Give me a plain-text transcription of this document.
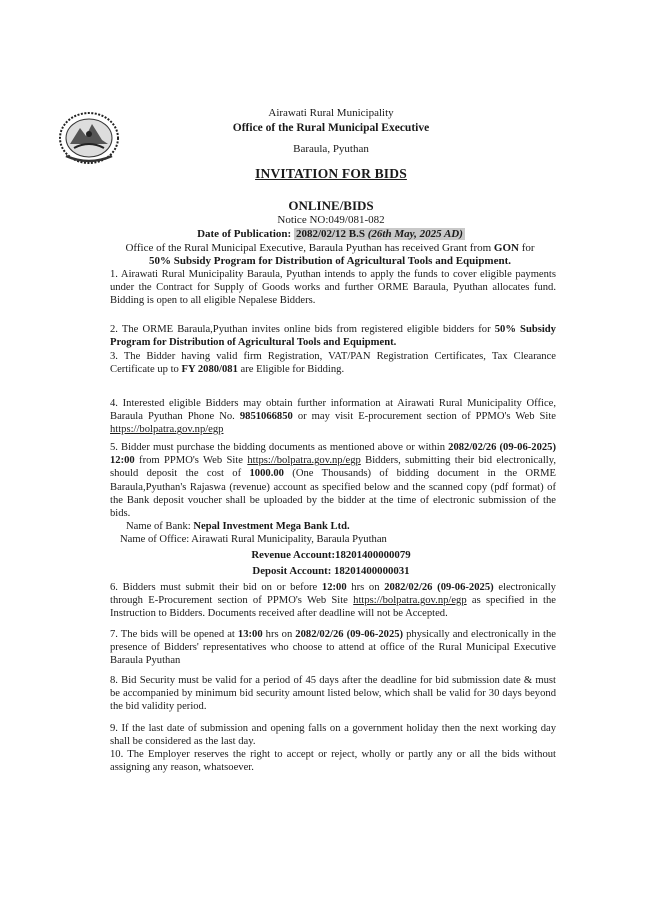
Airawati Rural Municipality
Office of the Rural Municipal Executive
Baraula, Pyuthan
INVITATION FOR BIDS
ONLINE/BIDS
Notice NO:049/081-082
Date of Publication: 2082/02/12 B.S (26th May, 2025 AD)
Office of the Rural Municipal Executive, Baraula Pyuthan has received Grant from GON for
50% Subsidy Program for Distribution of Agricultural Tools and Equipment.
1. Airawati Rural Municipality Baraula, Pyuthan intends to apply the funds to cover eligible payments under the Contract for Supply of Goods works and further ORME Baraula, Pyuthan allocates fund. Bidding is open to all eligible Nepalese Bidders.
2. The ORME Baraula,Pyuthan invites online bids from registered eligible bidders for 50% Subsidy Program for Distribution of Agricultural Tools and Equipment.
3. The Bidder having valid firm Registration, VAT/PAN Registration Certificates, Tax Clearance Certificate up to FY 2080/081 are Eligible for Bidding.
4. Interested eligible Bidders may obtain further information at Airawati Rural Municipality Office, Baraula Pyuthan Phone No. 9851066850 or may visit E-procurement section of PPMO's Web Site https://bolpatra.gov.np/egp
5. Bidder must purchase the bidding documents as mentioned above or within 2082/02/26 (09-06-2025) 12:00 from PPMO's Web Site https://bolpatra.gov.np/egp Bidders, submitting their bid electronically, should deposit the cost of 1000.00 (One Thousands) of bidding document in the ORME Baraula,Pyuthan's Rajaswa (revenue) account as specified below and the scanned copy (pdf format) of the Bank deposit voucher shall be uploaded by the bidder at the time of electronic submission of the bids.
Name of Bank: Nepal Investment Mega Bank Ltd.
Name of Office: Airawati Rural Municipality, Baraula Pyuthan
Revenue Account:18201400000079
Deposit Account: 18201400000031
6. Bidders must submit their bid on or before 12:00 hrs on 2082/02/26 (09-06-2025) electronically through E-Procurement section of PPMO's Web Site https://bolpatra.gov.np/egp as specified in the Instruction to Bidders. Documents received after deadline will not be Accepted.
7. The bids will be opened at 13:00 hrs on 2082/02/26 (09-06-2025) physically and electronically in the presence of Bidders' representatives who choose to attend at office of the Rural Municipal Executive Baraula Pyuthan
8. Bid Security must be valid for a period of 45 days after the deadline for bid submission date & must be accompanied by minimum bid security amount listed below, which shall be valid for 30 days beyond the bid validity period.
9. If the last date of submission and opening falls on a government holiday then the next working day shall be considered as the last day.
10. The Employer reserves the right to accept or reject, wholly or partly any or all the bids without assigning any reason, whatsoever.
